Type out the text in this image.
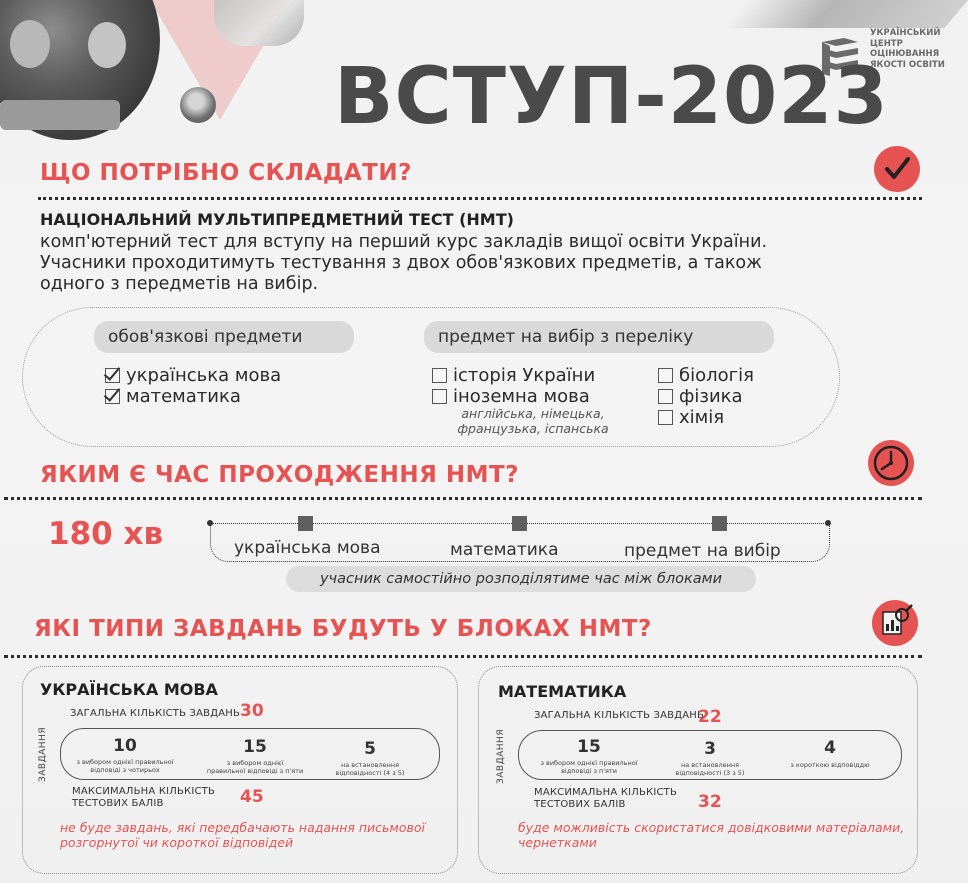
УКРАЇНСЬКИЙ
ЦЕНТР
ОЦІНЮВАННЯ
ЯКОСТІ ОСВІТИ
ВСТУП-2023
ЩО ПОТРІБНО СКЛАДАТИ?
НАЦІОНАЛЬНИЙ МУЛЬТИПРЕДМЕТНИЙ ТЕСТ (НМТ)
комп'ютерний тест для вступу на перший курс закладів вищої освіти України.
Учасники проходитимуть тестування з двох обов'язкових предметів, а також
одного з передметів на вибір.
обов'язкові предмети	предмет на вибір з переліку
українська мова
математика
історія України
іноземна мова
англійська, німецька,
французька, іспанська
біологія
фізика
хімія
ЯКИМ Є ЧАС ПРОХОДЖЕННЯ НМТ?
180 хв	українська мова	математика	предмет на вибір
учасник самостійно розподілятиме час між блоками
ЯКІ ТИПИ ЗАВДАНЬ БУДУТЬ У БЛОКАХ НМТ?
УКРАЇНСЬКА МОВА
ЗАГАЛЬНА КІЛЬКІСТЬ ЗАВДАНЬ 30
ЗАВДАННЯ	10
з вибором однієї правильної
відповіді з чотирьох
15
з вибором однієї
правильної відповіді з п'яти
5
на встановлення
відповідності (4 з 5)
МАКСИМАЛЬНА КІЛЬКІСТЬ
ТЕСТОВИХ БАЛІВ	45
не буде завдань, які передбачають надання письмової
розгорнутої чи короткої відповідей
МАТЕМАТИКА
ЗАГАЛЬНА КІЛЬКІСТЬ ЗАВДАНЬ
22
ЗАВДАННЯ	15
з вибором однієї правильної
відповіді з п'яти
3
на встановлення
відповідності (3 з 5)
4
з короткою відповіддю
МАКСИМАЛЬНА КІЛЬКІСТЬ
ТЕСТОВИХ БАЛІВ	32
буде можливість скористатися довідковими матеріалами,
чернетками
